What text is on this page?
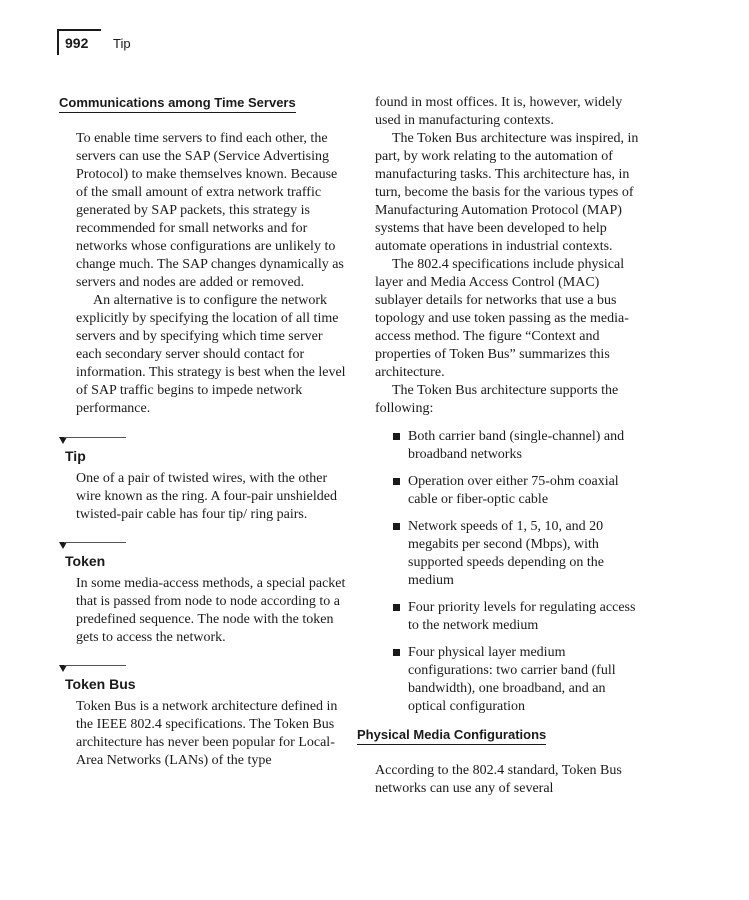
992 Tip
Communications among Time Servers

To enable time servers to find each other, the servers can use the SAP (Service Advertising Protocol) to make themselves known. Because of the small amount of extra network traffic generated by SAP packets, this strategy is recommended for small networks and for networks whose configurations are unlikely to change much. The SAP changes dynamically as servers and nodes are added or removed.

An alternative is to configure the network explicitly by specifying the location of all time servers and by specifying which time server each secondary server should contact for information. This strategy is best when the level of SAP traffic begins to impede network performance.

Tip

One of a pair of twisted wires, with the other wire known as the ring. A four-pair unshielded twisted-pair cable has four tip/ ring pairs.

Token

In some media-access methods, a special packet that is passed from node to node according to a predefined sequence. The node with the token gets to access the network.

Token Bus

Token Bus is a network architecture defined in the IEEE 802.4 specifications. The Token Bus architecture has never been popular for Local-Area Networks (LANs) of the type

found in most offices. It is, however, widely used in manufacturing contexts.

The Token Bus architecture was inspired, in part, by work relating to the automation of manufacturing tasks. This architecture has, in turn, become the basis for the various types of Manufacturing Automation Protocol (MAP) systems that have been developed to help automate operations in industrial contexts.

The 802.4 specifications include physical layer and Media Access Control (MAC) sublayer details for networks that use a bus topology and use token passing as the media-access method. The figure “Context and properties of Token Bus” summarizes this architecture.

The Token Bus architecture supports the following:

Both carrier band (single-channel) and broadband networks
Operation over either 75-ohm coaxial cable or fiber-optic cable
Network speeds of 1, 5, 10, and 20 megabits per second (Mbps), with supported speeds depending on the medium
Four priority levels for regulating access to the network medium
Four physical layer medium configurations: two carrier band (full bandwidth), one broadband, and an optical configuration
Physical Media Configurations

According to the 802.4 standard, Token Bus networks can use any of several
